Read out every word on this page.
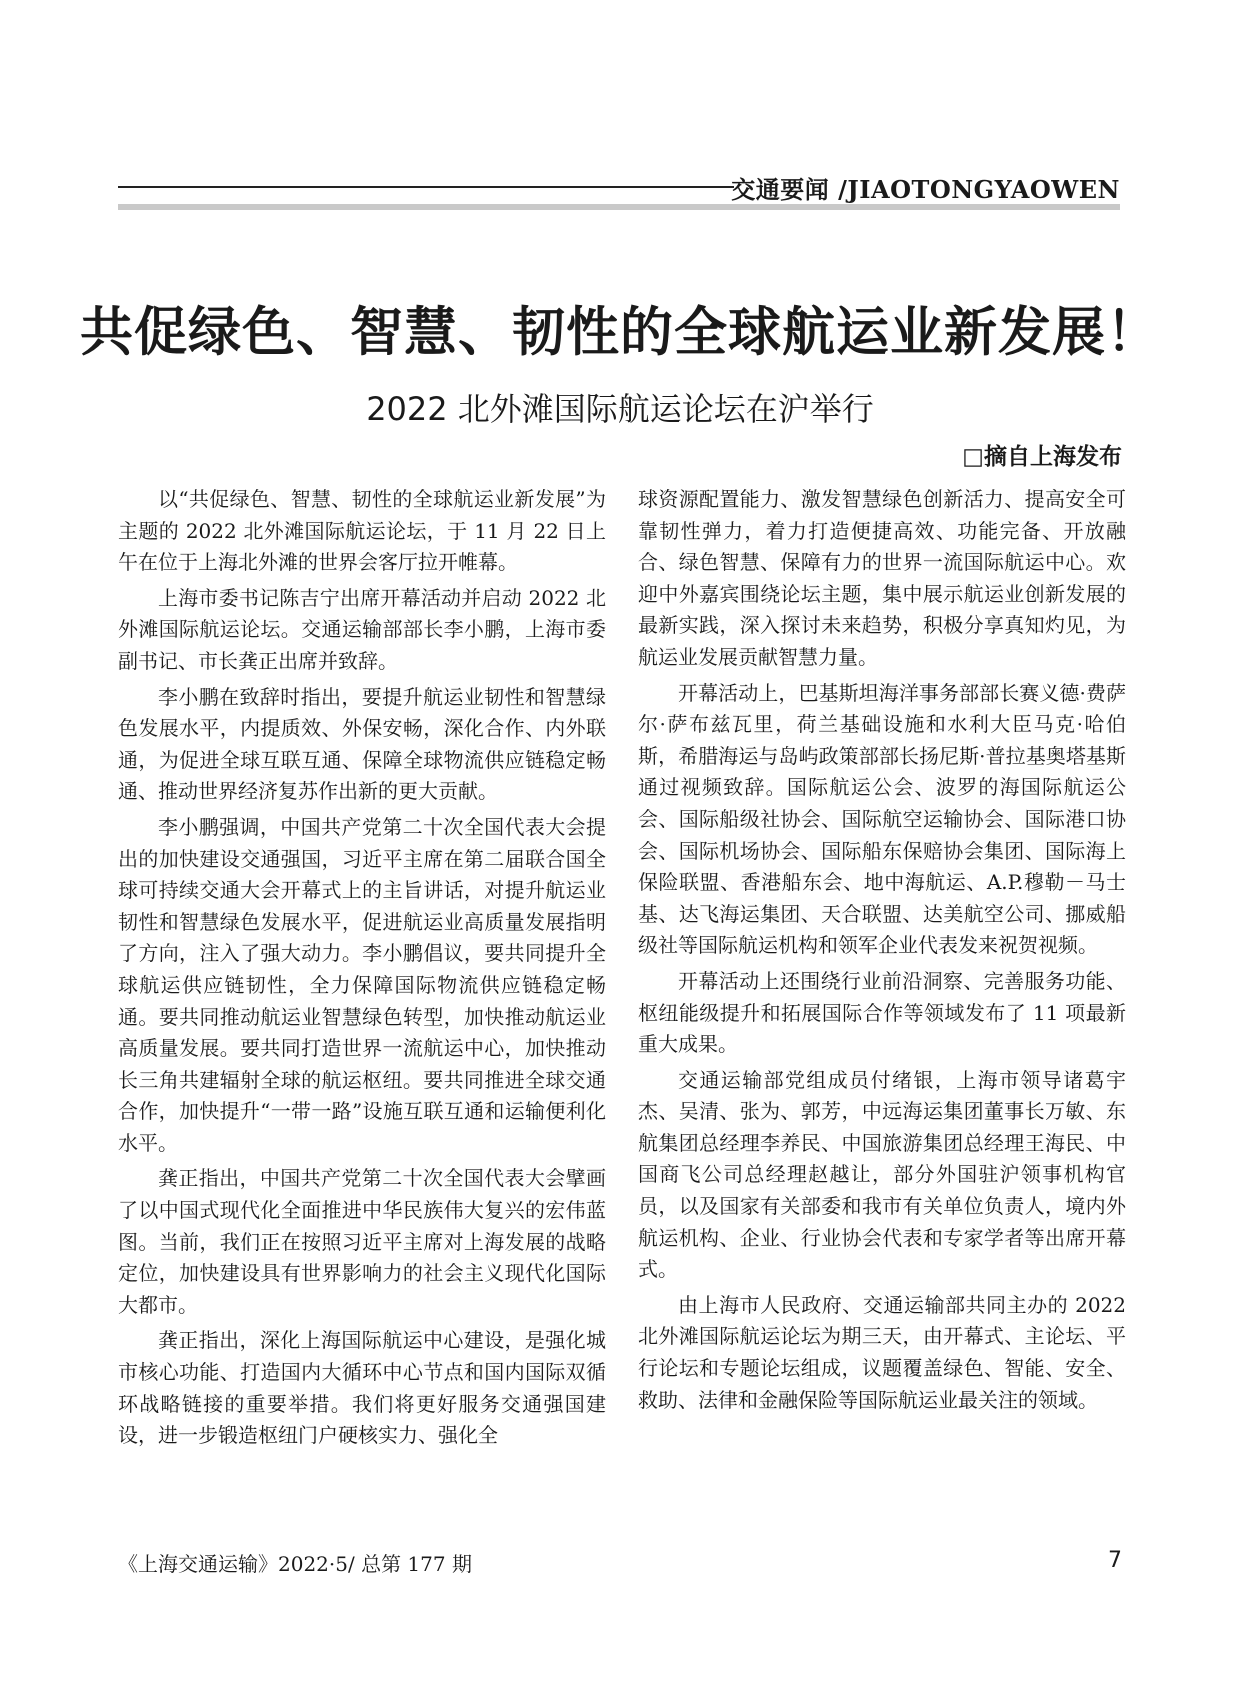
交通要闻 /JIAOTONGYAOWEN
共促绿色、智慧、韧性的全球航运业新发展！
2022 北外滩国际航运论坛在沪举行
□摘自上海发布

以“共促绿色、智慧、韧性的全球航运业新发展”为主题的 2022 北外滩国际航运论坛，于 11 月 22 日上午在位于上海北外滩的世界会客厅拉开帷幕。

上海市委书记陈吉宁出席开幕活动并启动 2022 北外滩国际航运论坛。交通运输部部长李小鹏，上海市委副书记、市长龚正出席并致辞。

李小鹏在致辞时指出，要提升航运业韧性和智慧绿色发展水平，内提质效、外保安畅，深化合作、内外联通，为促进全球互联互通、保障全球物流供应链稳定畅通、推动世界经济复苏作出新的更大贡献。

李小鹏强调，中国共产党第二十次全国代表大会提出的加快建设交通强国，习近平主席在第二届联合国全球可持续交通大会开幕式上的主旨讲话，对提升航运业韧性和智慧绿色发展水平，促进航运业高质量发展指明了方向，注入了强大动力。李小鹏倡议，要共同提升全球航运供应链韧性，全力保障国际物流供应链稳定畅通。要共同推动航运业智慧绿色转型，加快推动航运业高质量发展。要共同打造世界一流航运中心，加快推动长三角共建辐射全球的航运枢纽。要共同推进全球交通合作，加快提升“一带一路”设施互联互通和运输便利化水平。

龚正指出，中国共产党第二十次全国代表大会擘画了以中国式现代化全面推进中华民族伟大复兴的宏伟蓝图。当前，我们正在按照习近平主席对上海发展的战略定位，加快建设具有世界影响力的社会主义现代化国际大都市。

龚正指出，深化上海国际航运中心建设，是强化城市核心功能、打造国内大循环中心节点和国内国际双循环战略链接的重要举措。我们将更好服务交通强国建设，进一步锻造枢纽门户硬核实力、强化全

球资源配置能力、激发智慧绿色创新活力、提高安全可靠韧性弹力，着力打造便捷高效、功能完备、开放融合、绿色智慧、保障有力的世界一流国际航运中心。欢迎中外嘉宾围绕论坛主题，集中展示航运业创新发展的最新实践，深入探讨未来趋势，积极分享真知灼见，为航运业发展贡献智慧力量。

开幕活动上，巴基斯坦海洋事务部部长赛义德·费萨尔·萨布兹瓦里，荷兰基础设施和水利大臣马克·哈伯斯，希腊海运与岛屿政策部部长扬尼斯·普拉基奥塔基斯通过视频致辞。国际航运公会、波罗的海国际航运公会、国际船级社协会、国际航空运输协会、国际港口协会、国际机场协会、国际船东保赔协会集团、国际海上保险联盟、香港船东会、地中海航运、A.P.穆勒－马士基、达飞海运集团、天合联盟、达美航空公司、挪威船级社等国际航运机构和领军企业代表发来祝贺视频。

开幕活动上还围绕行业前沿洞察、完善服务功能、枢纽能级提升和拓展国际合作等领域发布了 11 项最新重大成果。

交通运输部党组成员付绪银，上海市领导诸葛宇杰、吴清、张为、郭芳，中远海运集团董事长万敏、东航集团总经理李养民、中国旅游集团总经理王海民、中国商飞公司总经理赵越让，部分外国驻沪领事机构官员，以及国家有关部委和我市有关单位负责人，境内外航运机构、企业、行业协会代表和专家学者等出席开幕式。

由上海市人民政府、交通运输部共同主办的 2022 北外滩国际航运论坛为期三天，由开幕式、主论坛、平行论坛和专题论坛组成，议题覆盖绿色、智能、安全、救助、法律和金融保险等国际航运业最关注的领域。

《上海交通运输》2022·5/ 总第 177 期	7
